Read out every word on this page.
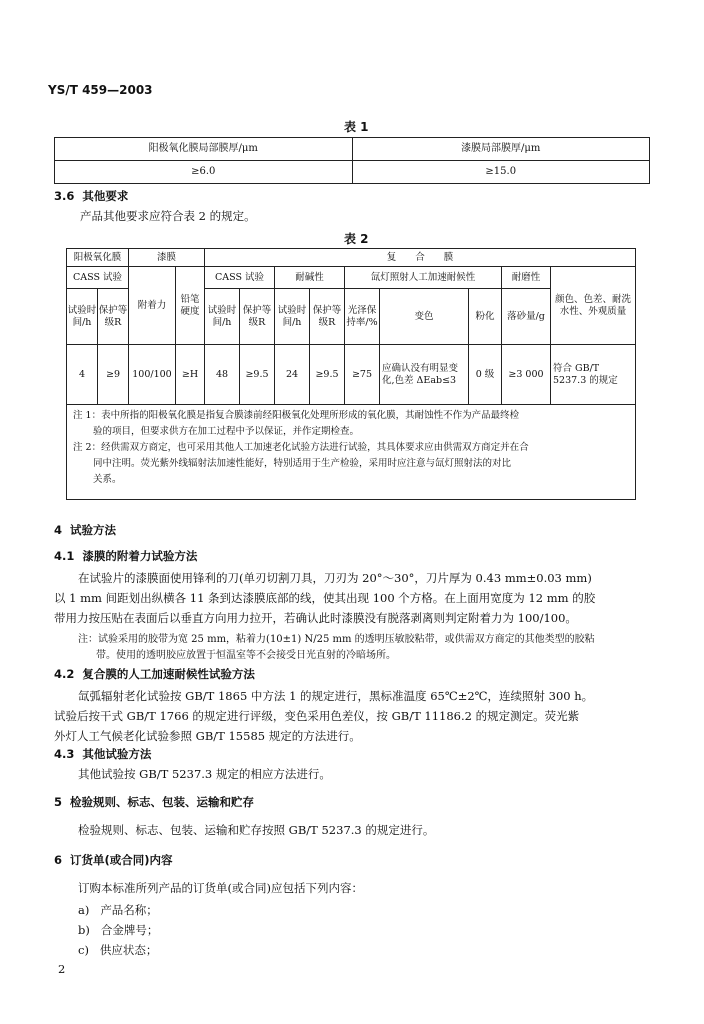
YS/T 459—2003
表 1
阳极氧化膜局部膜厚/μm	漆膜局部膜厚/μm
≥6.0	≥15.0
3.6 其他要求
产品其他要求应符合表 2 的规定。
表 2
阳极氧化膜		漆膜		复　　合　　膜								
CASS 试验		附着力	铅笔硬度	CASS 试验		耐碱性		氙灯照射人工加速耐候性			耐磨性	颜色、色差、耐洗水性、外观质量
试验时间/h	保护等级R			试验时间/h	保护等级R	试验时间/h	保护等级R	光泽保持率/%	变色	粉化	落砂量/g	
4	≥9	100/100	≥H	48	≥9.5	24	≥9.5	≥75	应确认没有明显变化,色差 ΔEab≤3	0 级	≥3 000	符合 GB/T 5237.3 的规定
注 1：表中所指的阳极氧化膜是指复合膜漆前经阳极氧化处理所形成的氧化膜，其耐蚀性不作为产品最终检
验的项目，但要求供方在加工过程中予以保证，并作定期检查。
注 2：经供需双方商定，也可采用其他人工加速老化试验方法进行试验，其具体要求应由供需双方商定并在合
同中注明。荧光紫外线辐射法加速性能好，特别适用于生产检验，采用时应注意与氙灯照射法的对比
关系。
4 试验方法
4.1 漆膜的附着力试验方法
在试验片的漆膜面使用锋利的刀(单刃切割刀具，刀刃为 20°～30°，刀片厚为 0.43 mm±0.03 mm)
以 1 mm 间距划出纵横各 11 条到达漆膜底部的线，使其出现 100 个方格。在上面用宽度为 12 mm 的胶
带用力按压贴在表面后以垂直方向用力拉开，若确认此时漆膜没有脱落剥离则判定附着力为 100/100。
注：试验采用的胶带为宽 25 mm，粘着力(10±1) N/25 mm 的透明压敏胶粘带，或供需双方商定的其他类型的胶粘
带。使用的透明胶应放置于恒温室等不会接受日光直射的冷暗场所。
4.2 复合膜的人工加速耐候性试验方法
氙弧辐射老化试验按 GB/T 1865 中方法 1 的规定进行，黑标准温度 65℃±2℃，连续照射 300 h。
试验后按干式 GB/T 1766 的规定进行评级，变色采用色差仪，按 GB/T 11186.2 的规定测定。荧光紫
外灯人工气候老化试验参照 GB/T 15585 规定的方法进行。
4.3 其他试验方法
其他试验按 GB/T 5237.3 规定的相应方法进行。
5 检验规则、标志、包装、运输和贮存
检验规则、标志、包装、运输和贮存按照 GB/T 5237.3 的规定进行。
6 订货单(或合同)内容
订购本标准所列产品的订货单(或合同)应包括下列内容：
a) 产品名称；
b) 合金牌号；
c) 供应状态；
2
